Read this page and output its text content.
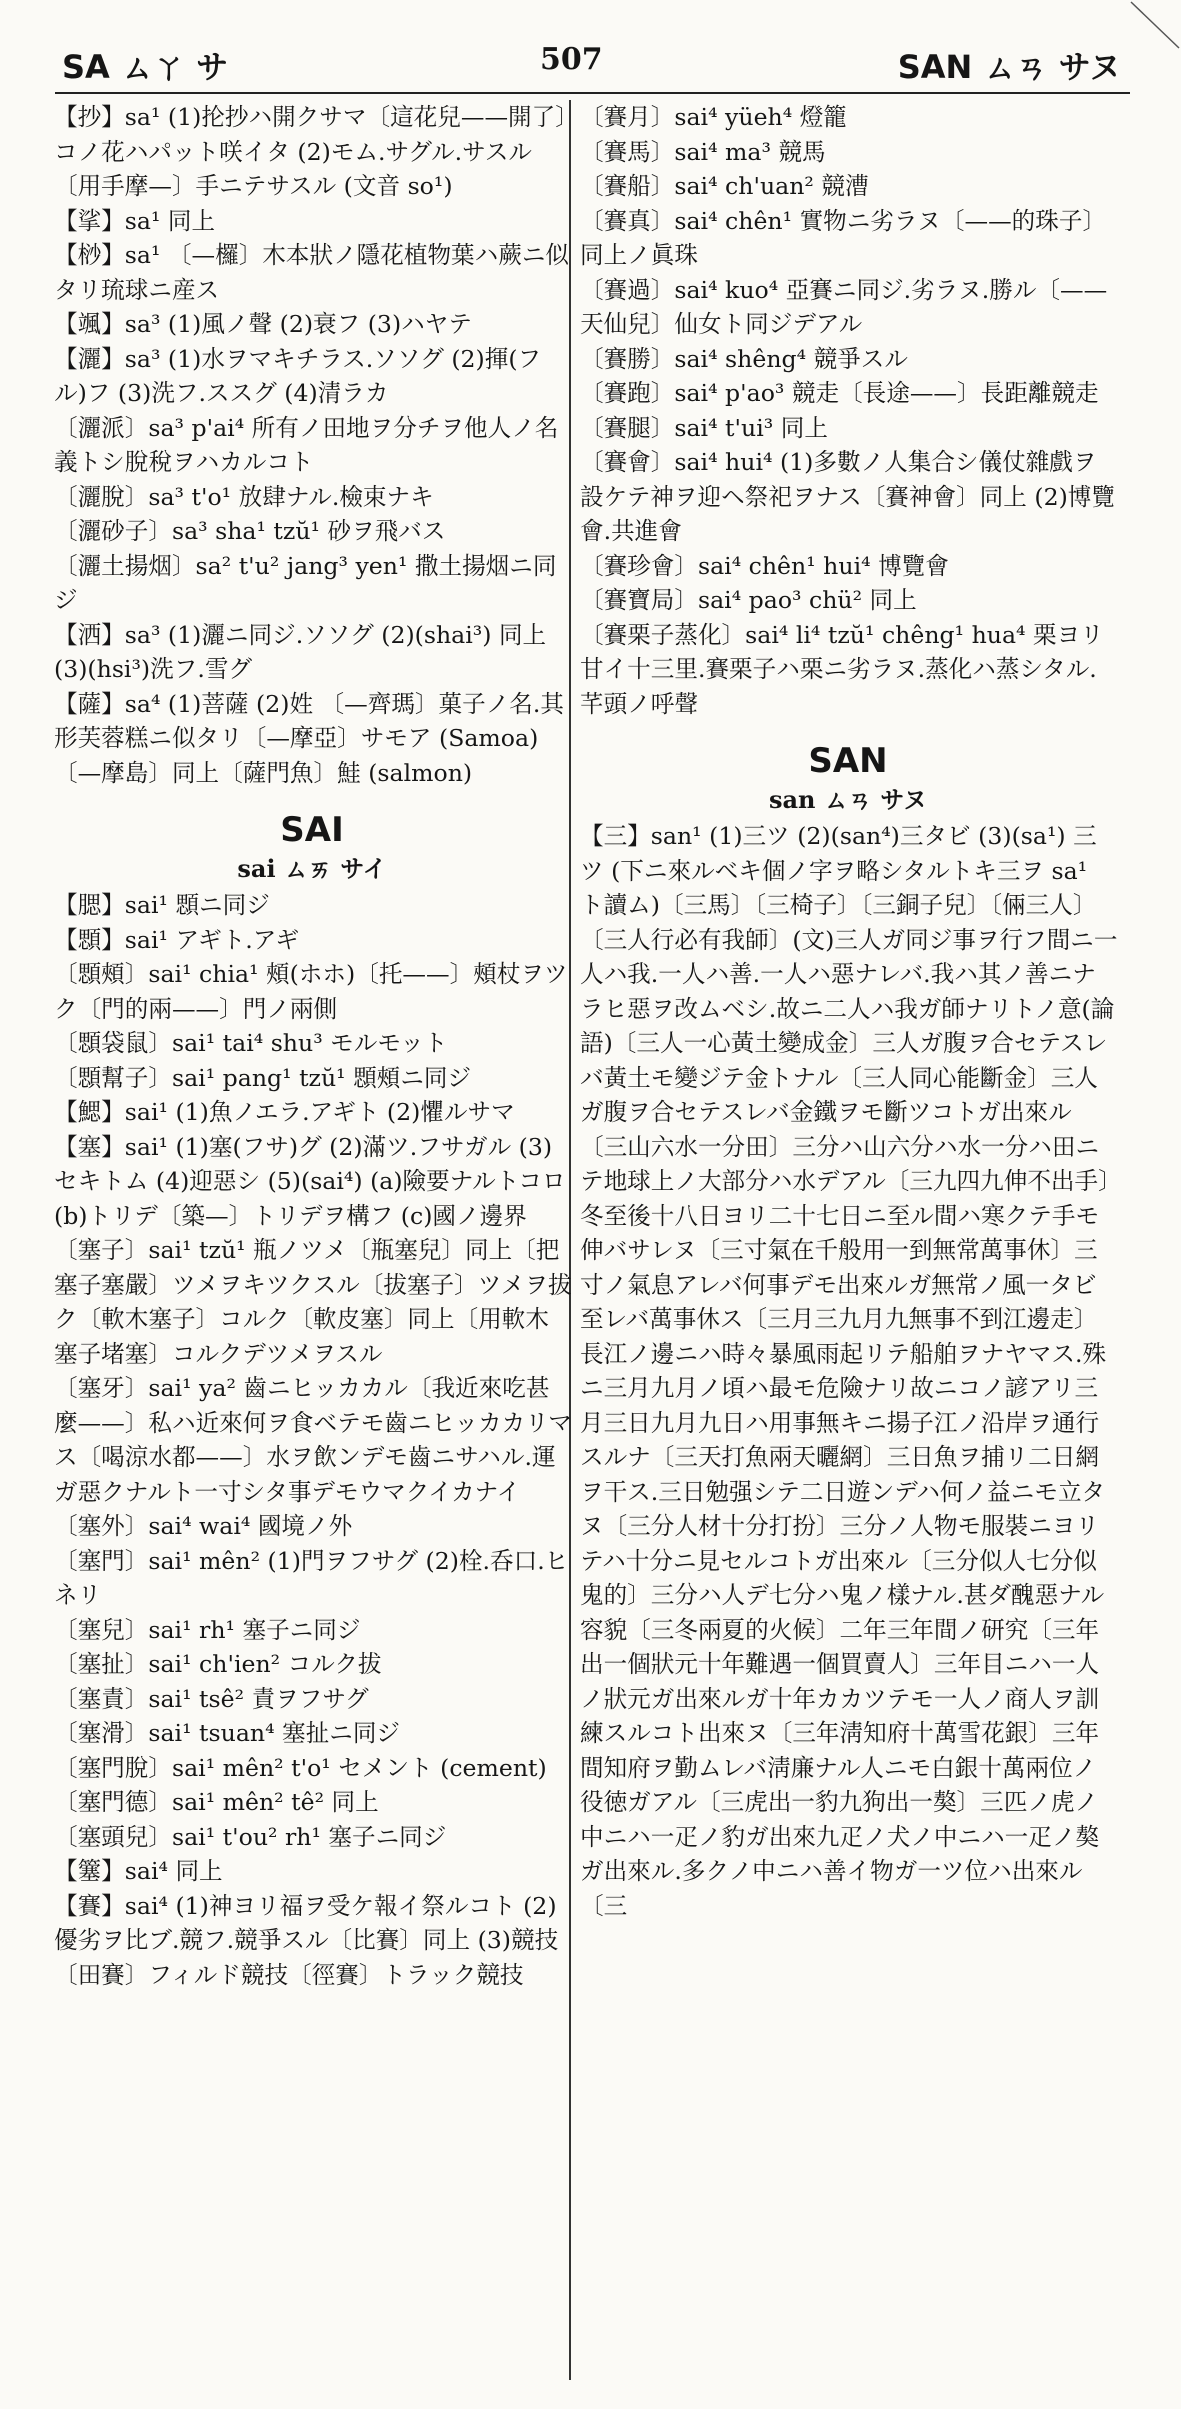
SA ㄙㄚ サ	507	SAN ㄙㄢ サヌ

【抄】sa¹ (1)抡抄ハ開クサマ〔這花兒——開了〕コノ花ハパット咲イタ (2)モム.サグル.サスル〔用手摩—〕手ニテサスル (文音 so¹)

【挲】sa¹ 同上

【桫】sa¹ 〔—欏〕木本狀ノ隱花植物葉ハ蕨ニ似タリ琉球ニ産ス

【颯】sa³ (1)風ノ聲 (2)衰フ (3)ハヤテ

【灑】sa³ (1)水ヲマキチラス.ソソグ (2)揮(フル)フ (3)洗フ.ススグ (4)清ラカ

〔灑派〕sa³ p'ai⁴ 所有ノ田地ヲ分チヲ他人ノ名義トシ脫稅ヲハカルコト

〔灑脫〕sa³ t'o¹ 放肆ナル.檢束ナキ

〔灑砂子〕sa³ sha¹ tzŭ¹ 砂ヲ飛バス

〔灑土揚烟〕sa² t'u² jang³ yen¹ 撒土揚烟ニ同ジ

【洒】sa³ (1)灑ニ同ジ.ソソグ (2)(shai³) 同上 (3)(hsi³)洗フ.雪グ

【薩】sa⁴ (1)菩薩 (2)姓 〔—齊瑪〕菓子ノ名.其形芙蓉糕ニ似タリ〔—摩亞〕サモア (Samoa)〔—摩島〕同上〔薩門魚〕鮭 (salmon)

SAI
sai ㄙㄞ サイ

【腮】sai¹ 顋ニ同ジ

【顋】sai¹ アギト.アギ

〔顋頰〕sai¹ chia¹ 頰(ホホ)〔托——〕頰杖ヲツク〔門的兩——〕門ノ兩側

〔顋袋鼠〕sai¹ tai⁴ shu³ モルモット

〔顋幫子〕sai¹ pang¹ tzŭ¹ 顋頰ニ同ジ

【鰓】sai¹ (1)魚ノエラ.アギト (2)懼ルサマ

【塞】sai¹ (1)塞(フサ)グ (2)滿ツ.フサガル (3)セキトム (4)迎惡シ (5)(sai⁴) (a)險要ナルトコロ (b)トリデ〔築—〕トリデヲ構フ (c)國ノ邊界

〔塞子〕sai¹ tzŭ¹ 瓶ノツメ〔瓶塞兒〕同上〔把塞子塞嚴〕ツメヲキツクスル〔拔塞子〕ツメヲ拔ク〔軟木塞子〕コルク〔軟皮塞〕同上〔用軟木塞子堵塞〕コルクデツメヲスル

〔塞牙〕sai¹ ya² 齒ニヒッカカル〔我近來吃甚麼——〕私ハ近來何ヲ食ベテモ齒ニヒッカカリマス〔喝涼水都——〕水ヲ飲ンデモ齒ニサハル.運ガ惡クナルト一寸シタ事デモウマクイカナイ

〔塞外〕sai⁴ wai⁴ 國境ノ外

〔塞門〕sai¹ mên² (1)門ヲフサグ (2)栓.呑口.ヒネリ

〔塞兒〕sai¹ rh¹ 塞子ニ同ジ

〔塞扯〕sai¹ ch'ien² コルク拔

〔塞責〕sai¹ tsê² 責ヲフサグ

〔塞滑〕sai¹ tsuan⁴ 塞扯ニ同ジ

〔塞門脫〕sai¹ mên² t'o¹ セメント (cement)

〔塞門德〕sai¹ mên² tê² 同上

〔塞頭兒〕sai¹ t'ou² rh¹ 塞子ニ同ジ

【簺】sai⁴ 同上

【賽】sai⁴ (1)神ヨリ福ヲ受ケ報イ祭ルコト (2)優劣ヲ比ブ.競フ.競爭スル〔比賽〕同上 (3)競技〔田賽〕フィルド競技〔徑賽〕トラック競技

〔賽月〕sai⁴ yüeh⁴ 燈籠

〔賽馬〕sai⁴ ma³ 競馬

〔賽船〕sai⁴ ch'uan² 競漕

〔賽真〕sai⁴ chên¹ 實物ニ劣ラヌ〔——的珠子〕同上ノ眞珠

〔賽過〕sai⁴ kuo⁴ 亞賽ニ同ジ.劣ラヌ.勝ル〔——天仙兒〕仙女ト同ジデアル

〔賽勝〕sai⁴ shêng⁴ 競爭スル

〔賽跑〕sai⁴ p'ao³ 競走〔長途——〕長距離競走

〔賽腿〕sai⁴ t'ui³ 同上

〔賽會〕sai⁴ hui⁴ (1)多數ノ人集合シ儀仗雜戲ヲ設ケテ神ヲ迎ヘ祭祀ヲナス〔賽神會〕同上 (2)博覽會.共進會

〔賽珍會〕sai⁴ chên¹ hui⁴ 博覽會

〔賽寶局〕sai⁴ pao³ chü² 同上

〔賽栗子蒸化〕sai⁴ li⁴ tzŭ¹ chêng¹ hua⁴ 栗ヨリ甘イ十三里.賽栗子ハ栗ニ劣ラヌ.蒸化ハ蒸シタル.芊頭ノ呼聲

SAN
san ㄙㄢ サヌ

【三】san¹ (1)三ツ (2)(san⁴)三タビ (3)(sa¹) 三ツ (下ニ來ルベキ個ノ字ヲ略シタルトキ三ヲ sa¹ ト讀ム)〔三馬〕〔三椅子〕〔三銅子兒〕〔倆三人〕

〔三人行必有我師〕(文)三人ガ同ジ事ヲ行フ間ニ一人ハ我.一人ハ善.一人ハ惡ナレバ.我ハ其ノ善ニナラヒ惡ヲ改ムベシ.故ニ二人ハ我ガ師ナリトノ意(論語)〔三人一心黃土變成金〕三人ガ腹ヲ合セテスレバ黃土モ變ジテ金トナル〔三人同心能斷金〕三人ガ腹ヲ合セテスレバ金鐵ヲモ斷ツコトガ出來ル〔三山六水一分田〕三分ハ山六分ハ水一分ハ田ニテ地球上ノ大部分ハ水デアル〔三九四九伸不出手〕冬至後十八日ヨリ二十七日ニ至ル間ハ寒クテ手モ伸バサレヌ〔三寸氣在千般用一到無常萬事休〕三寸ノ氣息アレバ何事デモ出來ルガ無常ノ風一タビ至レバ萬事休ス〔三月三九月九無事不到江邊走〕長江ノ邊ニハ時々暴風雨起リテ船舶ヲナヤマス.殊ニ三月九月ノ頃ハ最モ危險ナリ故ニコノ諺アリ三月三日九月九日ハ用事無キニ揚子江ノ沿岸ヲ通行スルナ〔三天打魚兩天曬網〕三日魚ヲ捕リ二日網ヲ干ス.三日勉强シテ二日遊ンデハ何ノ益ニモ立タヌ〔三分人材十分打扮〕三分ノ人物モ服裝ニヨリテハ十分ニ見セルコトガ出來ル〔三分似人七分似鬼的〕三分ハ人デ七分ハ鬼ノ樣ナル.甚ダ醜惡ナル容貌〔三冬兩夏的火候〕二年三年間ノ研究〔三年出一個狀元十年難遇一個買賣人〕三年目ニハ一人ノ狀元ガ出來ルガ十年カカツテモ一人ノ商人ヲ訓練スルコト出來ヌ〔三年淸知府十萬雪花銀〕三年間知府ヲ勤ムレバ淸廉ナル人ニモ白銀十萬兩位ノ役徳ガアル〔三虎出一豹九狗出一獒〕三匹ノ虎ノ中ニハ一疋ノ豹ガ出來九疋ノ犬ノ中ニハ一疋ノ獒ガ出來ル.多クノ中ニハ善イ物ガ一ツ位ハ出來ル〔三
